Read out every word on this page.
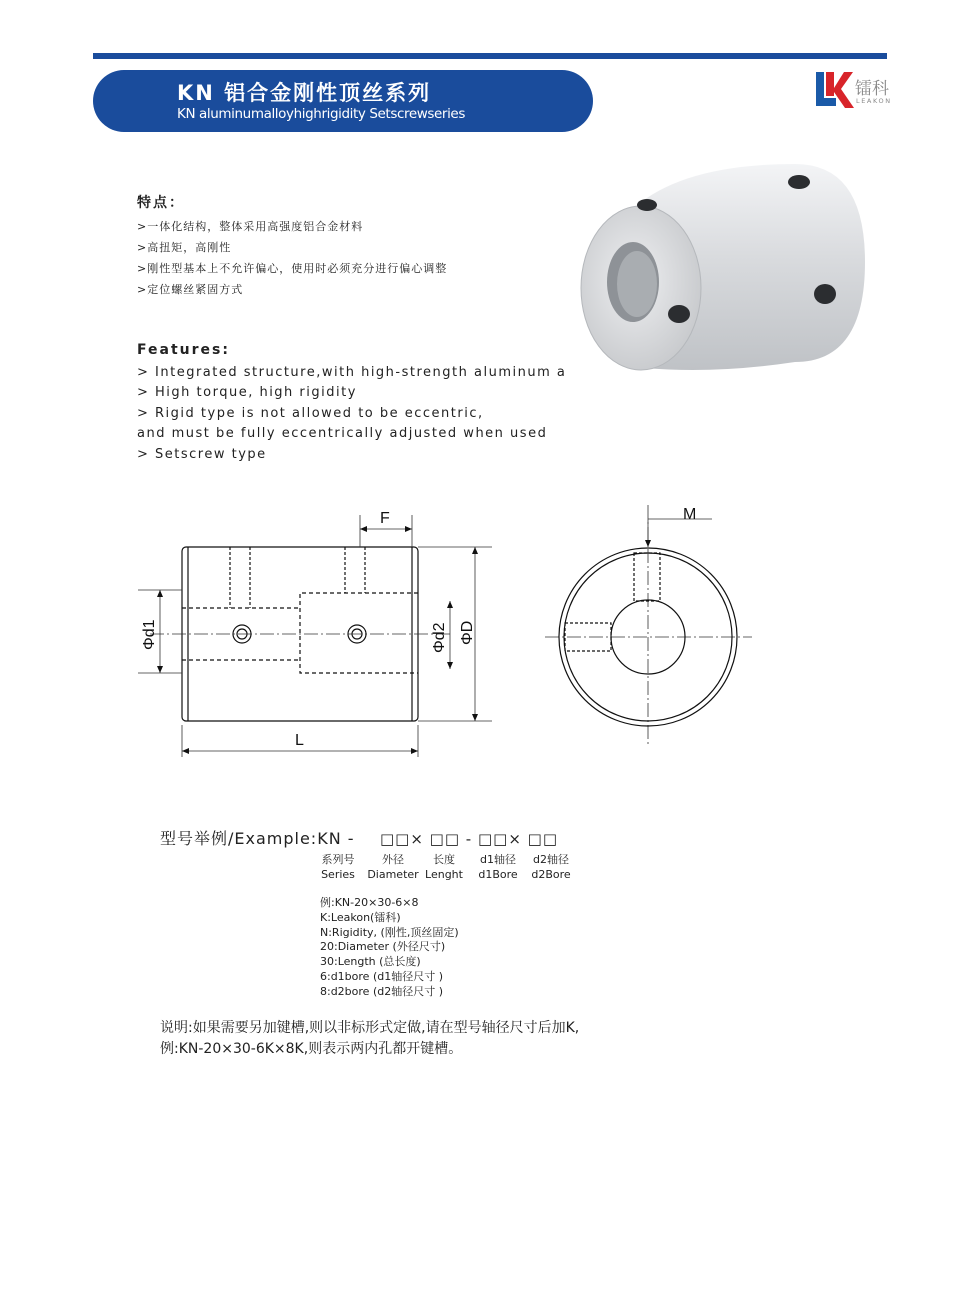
KN 铝合金刚性顶丝系列
KN aluminumalloyhighrigidity Setscrewseries
镭科
LEAKON
特点：
>一体化结构，整体采用高强度铝合金材料
>高扭矩，高刚性
>刚性型基本上不允许偏心，使用时必须充分进行偏心调整
>定位螺丝紧固方式
Features:
> Integrated structure,with high-strength aluminum a
> High torque, high rigidity
> Rigid type is not allowed to be eccentric,
and must be fully eccentrically adjusted when used
> Setscrew type
F
L
M
Φd1	Φd2 ΦD
型号举例/Example:KN - □□× □□ - □□× □□
系列号
Series
外径
Diameter
长度
Lenght
d1轴径
d1Bore
d2轴径
d2Bore
例:KN-20×30-6×8
K:Leakon(镭科)
N:Rigidity, (刚性,顶丝固定)
20:Diameter (外径尺寸)
30:Length (总长度)
6:d1bore (d1轴径尺寸 )
8:d2bore (d2轴径尺寸 )
说明:如果需要另加键槽,则以非标形式定做,请在型号轴径尺寸后加K,
例:KN-20×30-6K×8K,则表示两内孔都开键槽。
